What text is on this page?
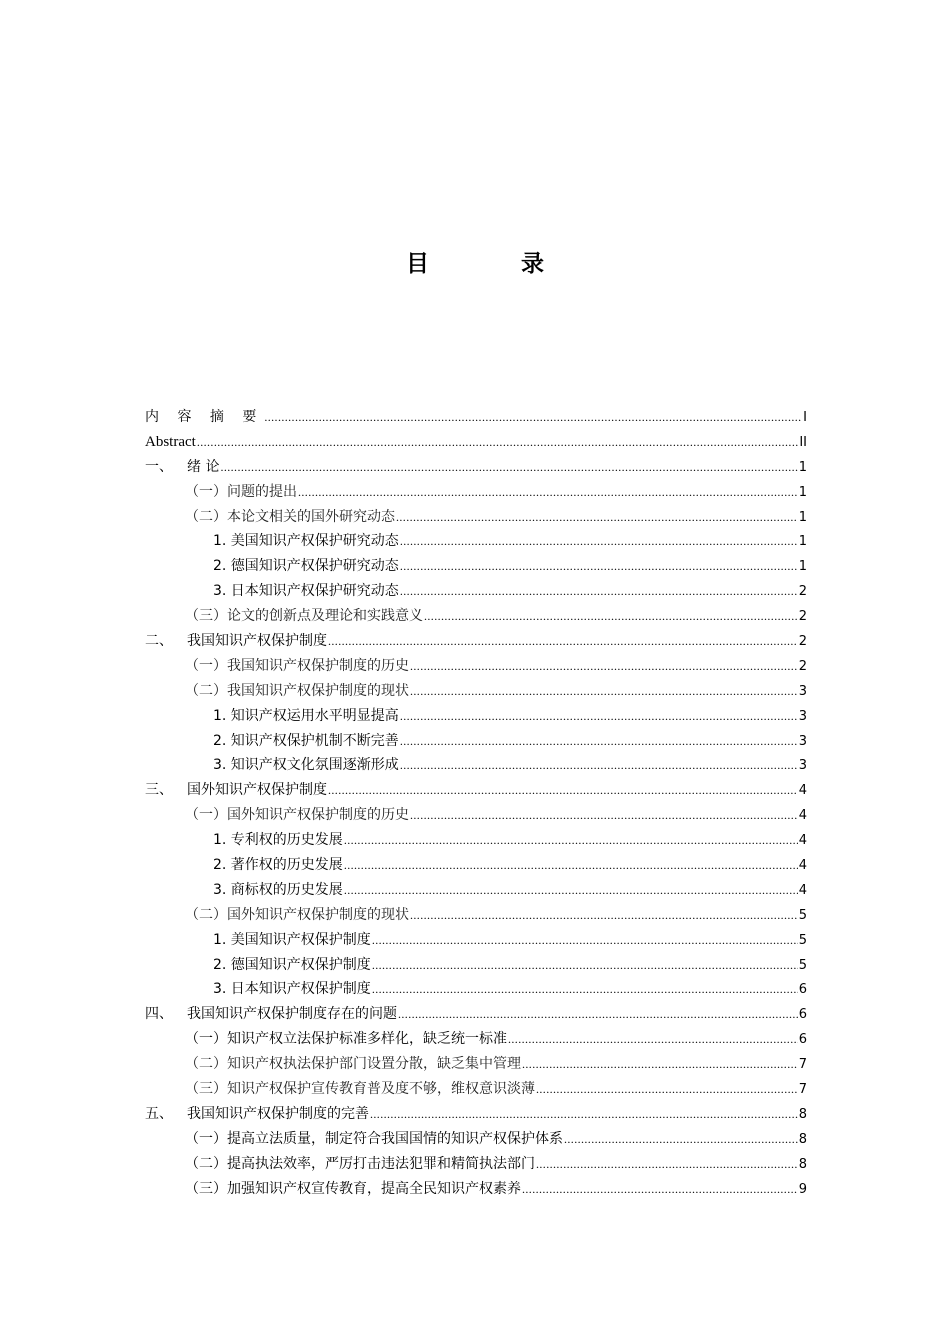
目 录
内 容 摘 要 .....	I
Abstract .....	II
一、 绪 论 .....	1
（一）问题的提出 .....	1
（二）本论文相关的国外研究动态 .....	1
1. 美国知识产权保护研究动态 .....	1
2. 德国知识产权保护研究动态 .....	1
3. 日本知识产权保护研究动态 .....	2
（三）论文的创新点及理论和实践意义 .....	2
二、 我国知识产权保护制度 .....	2
（一）我国知识产权保护制度的历史 .....	2
（二）我国知识产权保护制度的现状 .....	3
1. 知识产权运用水平明显提高 .....	3
2. 知识产权保护机制不断完善 .....	3
3. 知识产权文化氛围逐渐形成 .....	3
三、 国外知识产权保护制度 .....	4
（一）国外知识产权保护制度的历史 .....	4
1. 专利权的历史发展 .....	4
2. 著作权的历史发展 .....	4
3. 商标权的历史发展 .....	4
（二）国外知识产权保护制度的现状 .....	5
1. 美国知识产权保护制度 .....	5
2. 德国知识产权保护制度 .....	5
3. 日本知识产权保护制度 .....	6
四、 我国知识产权保护制度存在的问题 .....	6
（一）知识产权立法保护标准多样化，缺乏统一标准 .....	6
（二）知识产权执法保护部门设置分散，缺乏集中管理 .....	7
（三）知识产权保护宣传教育普及度不够，维权意识淡薄 .....	7
五、 我国知识产权保护制度的完善 .....	8
（一）提高立法质量，制定符合我国国情的知识产权保护体系 .....	8
（二）提高执法效率，严厉打击违法犯罪和精简执法部门 .....	8
（三）加强知识产权宣传教育，提高全民知识产权素养 .....	9
